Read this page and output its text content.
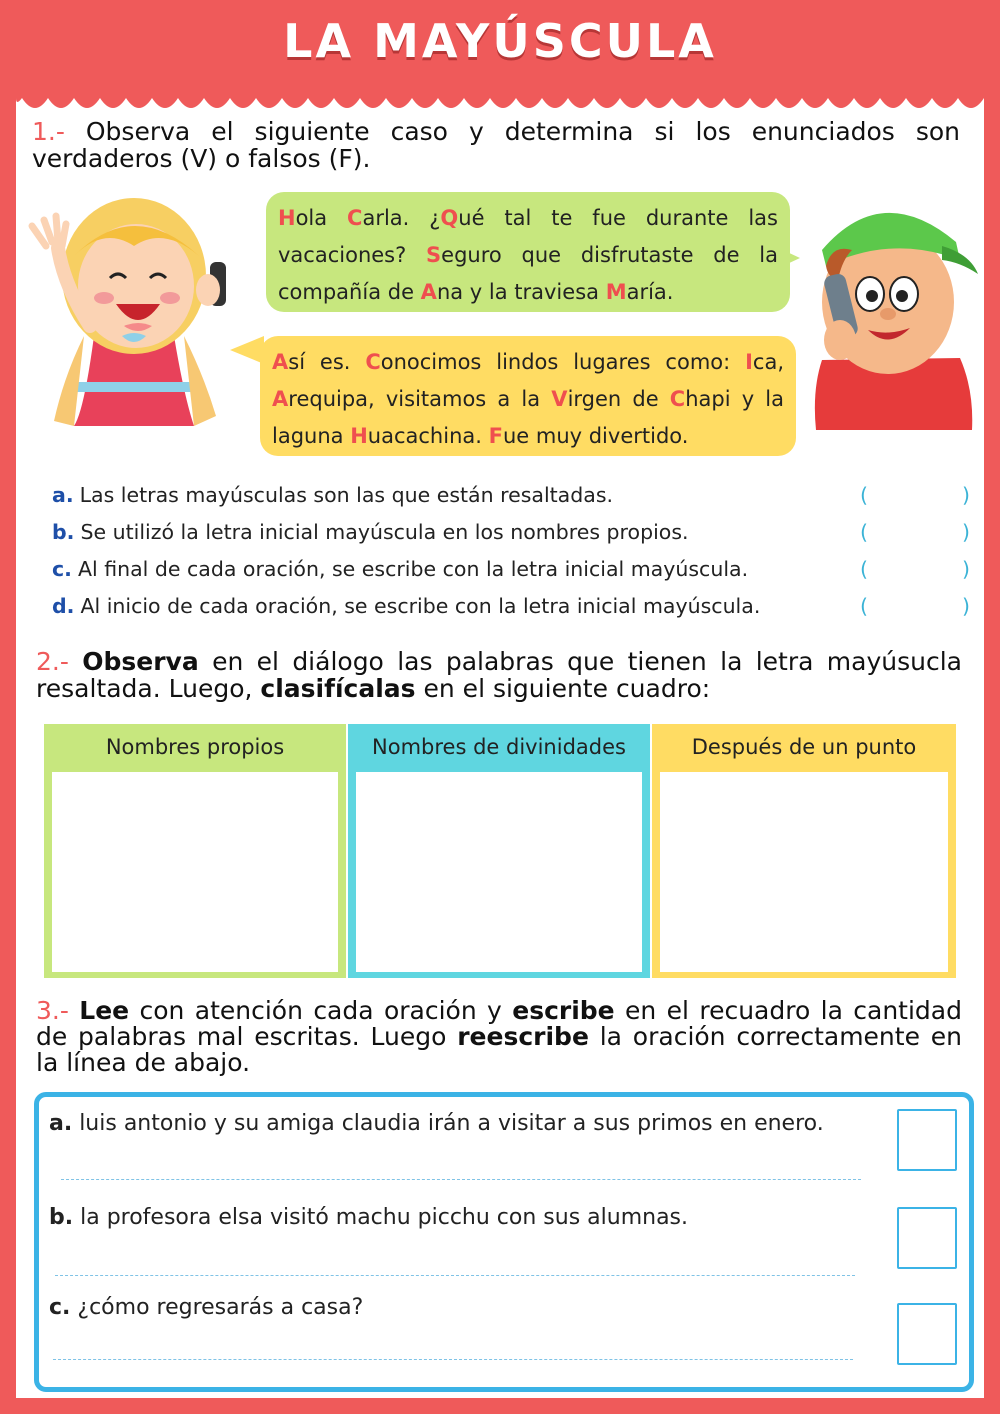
LA MAYÚSCULA
1.- Observa el siguiente caso y determina si los enunciados son verdaderos (V) o falsos (F).
Hola Carla. ¿Qué tal te fue durante las vacaciones? Seguro que disfrutaste de la compañía de Ana y la traviesa María.
Así es. Conocimos lindos lugares como: Ica, Arequipa, visitamos a la Virgen de Chapi y la laguna Huacachina. Fue muy divertido.
a. Las letras mayúsculas son las que están resaltadas.	(	)
b. Se utilizó la letra inicial mayúscula en los nombres propios.	(	)
c. Al final de cada oración, se escribe con la letra inicial mayúscula.	(	)
d. Al inicio de cada oración, se escribe con la letra inicial mayúscula.	(	)
2.- Observa en el diálogo las palabras que tienen la letra mayúsucla resaltada. Luego, clasifícalas en el siguiente cuadro:
Nombres propios	Nombres de divinidades	Después de un punto
3.- Lee con atención cada oración y escribe en el recuadro la cantidad de palabras mal escritas. Luego reescribe la oración correctamente en la línea de abajo.
a. luis antonio y su amiga claudia irán a visitar a sus primos en enero.
b. la profesora elsa visitó machu picchu con sus alumnas.
c. ¿cómo regresarás a casa?
